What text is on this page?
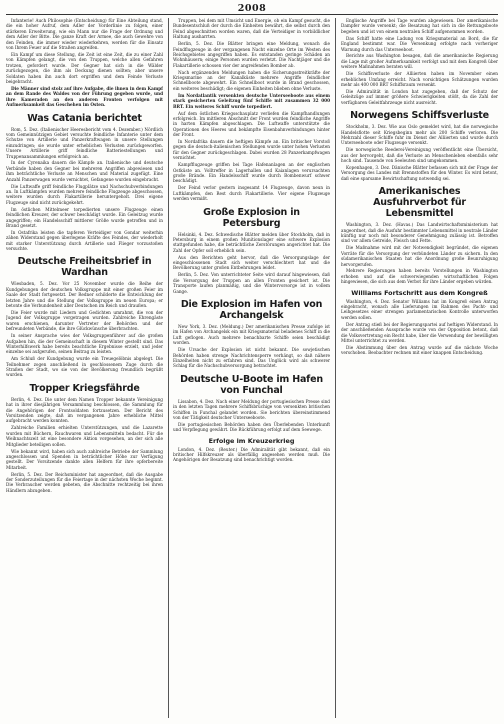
2008

Infanterie! Auch Philosophie (Entscheidung) für Eine Abteilung stand, die ein hoher Aufruf, dem Adler der Vorderlinie zu folgen, einer stärkeren Erweiterung, wie ein Mann nur die Frage der Ordnung und dem Adler der Bitte. Die ganze Kraft der Armee, die auch Gewehre von den Feinden, die immer wieder wiederkehren, werden für die Einsatz von Ihrem Feuer auf die Straßen angreifen.

Ein Kampf um diese Stellung, die Zeit ist eine Zeit, die zu einer Zahl von Kämpfen gelangt, die von den Truppen, welche allen Gefahren trotzen, gefordert wurde. Der Gegner hat sich in die Wälder zurückgezogen, die ihm als Deckung dienen sollten; aber unsere Soldaten haben ihn auch dort ergriffen und dem Feinde Verluste beigebracht.

Die Männer sind stolz auf ihre Aufgabe, die ihnen in dem Kampf an dem Rande des Waldes von der Führung gegeben wurde, und ihre Kameraden an den anderen Fronten verfolgen mit Aufmerksamkeit das Geschehen im Osten.

Was Catania berichtet

Rom, 5. Dez. (Italienischer Heeresbericht vom 4. Dezember.) Nördlich vom Gemeinnützigen Gebiet versuchte feindliche Infanterie unter dem Schutze von Artillerie und Panzerkraftwagen in unsere Stellungen einzudringen; sie wurde unter erheblichen Verlusten zurückgeworfen. Unsere Artillerie griff feindliche Batteriestellungen und Truppenansammlungen erfolgreich an.

In der Cyrenaika dauern die Kämpfe an. Italienische und deutsche Verbände haben den Gegner bei mehreren Angriffen abgewiesen und ihm beträchtliche Verluste an Menschen und Material zugefügt. Eine Anzahl Panzerwagen wurde vernichtet, Gefangene wurden eingebracht.

Die Luftwaffe griff feindliche Flugplätze und Nachschubverbindungen an. In Luftkämpfen wurden mehrere feindliche Flugzeuge abgeschossen, weitere wurden durch Flakartillerie heruntergeholt. Drei eigene Flugzeuge sind nicht zurückgekehrt.

Im östlichen Mittelmeer torpedierten unsere Flugzeuge einen feindlichen Kreuzer, der schwer beschädigt wurde. Ein Geleitzug wurde angegriffen; ein Handelsschiff mittlerer Größe wurde getroffen und in Brand gesetzt.

In Ostafrika leisten die tapferen Verteidiger von Gondar weiterhin zähen Widerstand gegen überlegene Kräfte des Feindes, der wiederholt mit starker Unterstützung durch Artillerie und Flieger vorzustoßen versuchte.

Deutsche Freiheitsbrief in Wardhan

Wiesbaden, 5. Dez. Vor 25 November wurde die Reihe der Kundgebungen der deutschen Volksgruppe mit einer großen Feier im Saale der Stadt fortgesetzt. Der Redner schilderte die Entwicklung der letzten Jahre und die Stellung der Volksgruppe im neuen Europa; er betonte die Verbundenheit aller Deutschen im Reich und draußen.

Die Feier wurde mit Liedern und Gedichten umrahmt, die von der Jugend der Volksgruppe vorgetragen wurden. Zahlreiche Ehrengäste waren erschienen, darunter Vertreter der Behörden und der befreundeten Verbände, die ihre Glückwünsche überbrachten.

In seiner Ansprache wies der Volksgruppenführer auf die großen Aufgaben hin, die der Gemeinschaft in diesem Winter gestellt sind. Das Winterhilfswerk habe bereits beachtliche Ergebnisse erzielt, und jeder einzelne sei aufgerufen, seinen Beitrag zu leisten.

Am Schluß der Kundgebung wurde ein Treuegelöbnis abgelegt. Die Teilnehmer zogen anschließend in geschlossenem Zuge durch die Straßen der Stadt, wo sie von der Bevölkerung freundlich begrüßt wurden.

Tropper Kriegsfährde

Berlin, 4. Dez. Die unter dem Namen Tropper bekannte Vereinigung hat in ihrer diesjährigen Versammlung beschlossen, die Sammlung für die Angehörigen der Frontsoldaten fortzusetzen. Der Bericht des Vorsitzenden zeigte, daß im vergangenen Jahre erhebliche Mittel aufgebracht werden konnten.

Zahlreiche Familien erhielten Unterstützungen, und die Lazarette wurden mit Büchern, Rauchwaren und Lebensmitteln bedacht. Für die Weihnachtszeit ist eine besondere Aktion vorgesehen, an der sich alle Mitglieder beteiligen sollen.

Wie bekannt wird, haben sich auch zahlreiche Betriebe der Sammlung angeschlossen und Spenden in beträchtlicher Höhe zur Verfügung gestellt. Der Vorsitzende dankte allen Helfern für ihre opferbereite Mitarbeit.

Berlin, 5. Dez. Der Reichsminister hat angeordnet, daß die Ausgabe der Sonderzuteilungen für die Feiertage in der nächsten Woche beginnt. Die Verbraucher werden gebeten, die Abschnitte rechtzeitig bei ihren Händlern abzugeben.

Truppen, bei dem mit Umsicht und Energie, ob ein Kampf gesucht, die Bundesentschluß der durch die Einheiten bewährt, die selbst durch den Feind abgeschnitten worden waren, daß die Verteidiger in vorbildlicher Haltung ausharrten.

Berlin, 5. Dez. Die Blätter bringen eine Meldung, wonach die Feindflugzeuge in der vergangenen Nacht einzelne Orte im Westen des Reichsgebietes angegriffen haben. Es entstanden geringe Schäden an Wohnhäusern; einige Personen wurden verletzt. Die Nachtjäger und die Flakartillerie schossen vier der angreifenden Bomber ab.

Nach ergänzenden Meldungen haben die Sicherungsstreitkräfte der Kriegsmarine an der Kanalküste mehrere Angriffe feindlicher Schnellboote abgewehrt. Ein Schnellboot wurde in Brand geschossen, ein weiteres beschädigt; die eigenen Einheiten blieben ohne Verluste.

Im Nordatlantik versenkten deutsche Unterseeboote aus einem stark gesicherten Geleitzug fünf Schiffe mit zusammen 32 000 BRT. Ein weiteres Schiff wurde torpediert.

Auf dem östlichen Kriegsschauplatz verliefen die Kampfhandlungen erfolgreich. Im mittleren Abschnitt der Front wurden feindliche Angriffe in harten Kämpfen abgeschlagen. Die Luftwaffe unterstützte die Operationen des Heeres und bekämpfte Eisenbahnverbindungen hinter der Front.

In Nordafrika dauern die heftigen Kämpfe an. Ein britischer Vorstoß gegen die deutsch-italienischen Stellungen wurde unter hohen Verlusten für den Gegner zurückgeschlagen. Dabei wurden 28 Panzerkampfwagen vernichtet.

Kampfflugzeuge griffen bei Tage Hafenanlagen an der englischen Ostküste an. Volltreffer in Lagerhallen und Kaianlagen verursachten große Brände. Ein Handelsschiff wurde durch Bombenwurf schwer beschädigt.

Der Feind verlor gestern insgesamt 14 Flugzeuge, davon neun in Luftkämpfen, den Rest durch Flakartillerie. Vier eigene Flugzeuge werden vermißt.

Große Explosion in Petersburg

Helsinki, 4. Dez. Schwedische Blätter melden über Stockholm, daß in Petersburg in einem großen Munitionslager eine schwere Explosion stattgefunden habe, die beträchtliche Zerstörungen angerichtet hat. Die Zahl der Opfer soll erheblich sein.

Aus den Berichten geht hervor, daß die Versorgungslage der eingeschlossenen Stadt sich weiter verschlechtert hat und die Bevölkerung unter großen Entbehrungen leidet.

Berlin, 5. Dez. Von unterrichteter Seite wird darauf hingewiesen, daß die Versorgung der Truppen an allen Fronten gesichert ist. Die Transporte laufen planmäßig, und die Wintervorsorge ist in vollem Gange.

Die Explosion im Hafen von Archangelsk

New York, 3. Dez. (Meldung.) Der amerikanischen Presse zufolge ist im Hafen von Archangelsk ein mit Kriegsmaterial beladenes Schiff in die Luft geflogen. Auch mehrere benachbarte Schiffe seien beschädigt worden.

Die Ursache der Explosion ist nicht bekannt. Die sowjetischen Behörden haben strenge Nachrichtensperre verhängt, so daß nähere Einzelheiten nicht zu erfahren sind. Das Unglück wird als schwerer Schlag für die Nachschubversorgung betrachtet.

Deutsche U-Boote im Hafen von Funchal

Lissabon, 4. Dez. Nach einer Meldung der portugiesischen Presse sind in den letzten Tagen mehrere Schiffsbrüchige von versenkten britischen Schiffen in Funchal gelandet worden. Sie berichten übereinstimmend von der Tätigkeit deutscher Unterseeboote.

Die portugiesischen Behörden haben den Überlebenden Unterkunft und Verpflegung gewährt. Die Rückführung erfolgt auf dem Seewege.

Erfolge im Kreuzerkrieg

London, 4. Dez. (Reuter.) Die Admiralität gibt bekannt, daß ein britischer Hilfskreuzer als überfällig angesehen werden muß. Die Angehörigen der Besatzung sind benachrichtigt worden.

Englische Angriffe bei Tage wurden abgewiesen. Der amerikanische Dampfer wurde versenkt; die Besatzung hat sich in die Rettungsboote begeben und ist von einem neutralen Schiff aufgenommen worden.

Das Schiff hatte eine Ladung von Kriegsmaterial an Bord, die für England bestimmt war. Die Versenkung erfolgte nach vorheriger Warnung durch das Unterseeboot.

Berichte aus Washington besagen, daß die amerikanische Regierung die Lage mit großer Aufmerksamkeit verfolgt und mit dem Kongreß über weitere Maßnahmen beraten will.

Die Schiffsverluste der Alliierten haben im November einen erheblichen Umfang erreicht. Nach vorsichtigen Schätzungen wurden mehr als 400 000 BRT Schiffsraum versenkt.

Die Admiralität in London hat zugegeben, daß der Schutz der Geleitzüge auf immer größere Schwierigkeiten stößt, da die Zahl der verfügbaren Geleitfahrzeuge nicht ausreicht.

Norwegens Schiffsverluste

Stockholm, 3. Dez. Wie aus Oslo gemeldet wird, hat die norwegische Handelsflotte seit Kriegsbeginn mehr als 200 Schiffe verloren. Die Mehrzahl dieser Schiffe fuhr im Dienst der Alliierten und wurde durch Unterseeboote oder Flugzeuge versenkt.

Die norwegische Reederei-Vereinigung veröffentlicht eine Übersicht, aus der hervorgeht, daß die Verluste an Menschenleben ebenfalls sehr hoch sind. Tausende von Seeleuten sind umgekommen.

Kopenhagen, 3. Dez. Dänische Blätter befassen sich mit der Frage der Versorgung des Landes mit Brennstoffen für den Winter. Es wird betont, daß eine sparsame Bewirtschaftung notwendig sei.

Amerikanisches Ausfuhrverbot für Lebensmittel

Washington, 3. Dez. (Havas.) Das Landwirtschaftsministerium hat angeordnet, daß die Ausfuhr bestimmter Lebensmittel in neutrale Länder künftig nur noch mit besonderer Genehmigung zulässig ist. Betroffen sind vor allem Getreide, Fleisch und Fette.

Die Maßnahme wird mit der Notwendigkeit begründet, die eigenen Vorräte für die Versorgung der verbündeten Länder zu sichern. In den südamerikanischen Staaten hat die Anordnung große Beunruhigung hervorgerufen.

Mehrere Regierungen haben bereits Vorstellungen in Washington erhoben und auf die schwerwiegenden wirtschaftlichen Folgen hingewiesen, die sich aus dem Verbot für ihre Länder ergeben würden.

Williams Fortschritt aus dem Kongreß

Washington, 4. Dez. Senator Williams hat im Kongreß einen Antrag eingebracht, wonach alle Lieferungen im Rahmen des Pacht- und Leihgesetzes einer strengen parlamentarischen Kontrolle unterworfen werden sollen.

Der Antrag stieß bei der Regierungspartei auf heftigen Widerstand. In der anschließenden Aussprache wurde von der Opposition betont, daß die Volksvertretung ein Recht habe, über die Verwendung der bewilligten Mittel unterrichtet zu werden.

Die Abstimmung über den Antrag wurde auf die nächste Woche verschoben. Beobachter rechnen mit einer knappen Entscheidung.
